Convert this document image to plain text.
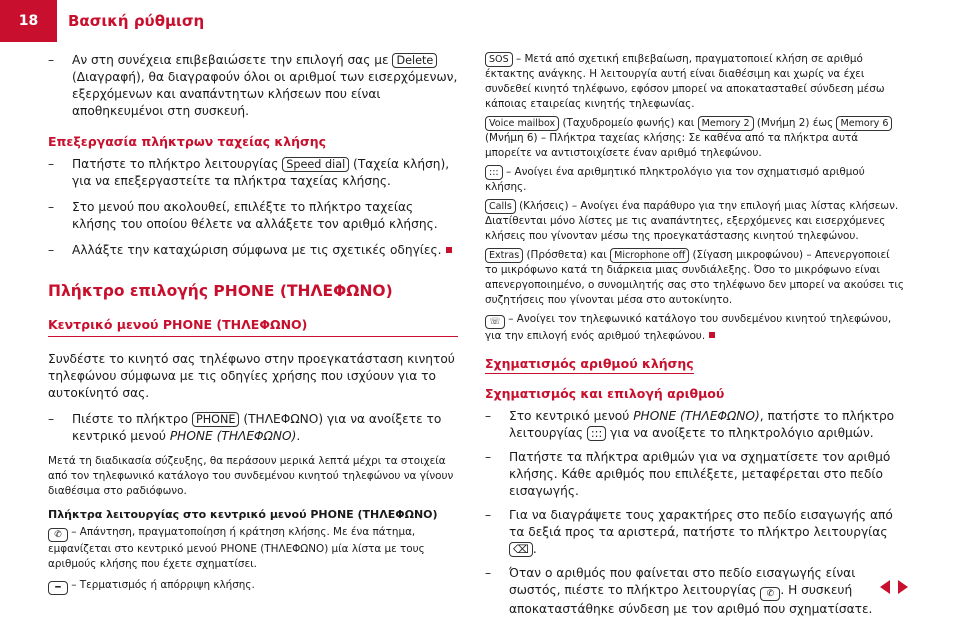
18	Βασική ρύθμιση

– Αν στη συνέχεια επιβεβαιώσετε την επιλογή σας με Delete (Διαγραφή), θα διαγραφούν όλοι οι αριθμοί των εισερχόμενων, εξερχόμενων και αναπάντητων κλήσεων που είναι αποθηκευμένοι στη συσκευή.

Επεξεργασία πλήκτρων ταχείας κλήσης

– Πατήστε το πλήκτρο λειτουργίας Speed dial (Ταχεία κλήση), για να επεξεργαστείτε τα πλήκτρα ταχείας κλήσης.

– Στο μενού που ακολουθεί, επιλέξτε το πλήκτρο ταχείας κλήσης του οποίου θέλετε να αλλάξετε τον αριθμό κλήσης.

– Αλλάξτε την καταχώριση σύμφωνα με τις σχετικές οδηγίες.

Πλήκτρο επιλογής PHONE (ΤΗΛΕΦΩΝΟ)

Κεντρικό μενού PHONE (ΤΗΛΕΦΩΝΟ)

Συνδέστε το κινητό σας τηλέφωνο στην προεγκατάσταση κινητού τηλεφώνου σύμφωνα με τις οδηγίες χρήσης που ισχύουν για το αυτοκίνητό σας.

– Πιέστε το πλήκτρο PHONE (ΤΗΛΕΦΩΝΟ) για να ανοίξετε το κεντρικό μενού PHONE (ΤΗΛΕΦΩΝΟ).

Μετά τη διαδικασία σύζευξης, θα περάσουν μερικά λεπτά μέχρι τα στοιχεία από τον τηλεφωνικό κατάλογο του συνδεμένου κινητού τηλεφώνου να γίνουν διαθέσιμα στο ραδιόφωνο.

Πλήκτρα λειτουργίας στο κεντρικό μενού PHONE (ΤΗΛΕΦΩΝΟ)

✆ – Απάντηση, πραγματοποίηση ή κράτηση κλήσης. Με ένα πάτημα, εμφανίζεται στο κεντρικό μενού PHONE (ΤΗΛΕΦΩΝΟ) μία λίστα με τους αριθμούς κλήσης που έχετε σχηματίσει.

━ – Τερματισμός ή απόρριψη κλήσης.

SOS – Μετά από σχετική επιβεβαίωση, πραγματοποιεί κλήση σε αριθμό έκτακτης ανάγκης. Η λειτουργία αυτή είναι διαθέσιμη και χωρίς να έχει συνδεθεί κινητό τηλέφωνο, εφόσον μπορεί να αποκατασταθεί σύνδεση μέσω κάποιας εταιρείας κινητής τηλεφωνίας.

Voice mailbox (Ταχυδρομείο φωνής) και Memory 2 (Μνήμη 2) έως Memory 6 (Μνήμη 6) – Πλήκτρα ταχείας κλήσης: Σε καθένα από τα πλήκτρα αυτά μπορείτε να αντιστοιχίσετε έναν αριθμό τηλεφώνου.

::: – Ανοίγει ένα αριθμητικό πληκτρολόγιο για τον σχηματισμό αριθμού κλήσης.

Calls (Κλήσεις) – Ανοίγει ένα παράθυρο για την επιλογή μιας λίστας κλήσεων. Διατίθενται μόνο λίστες με τις αναπάντητες, εξερχόμενες και εισερχόμενες κλήσεις που γίνονταν μέσω της προεγκατάστασης κινητού τηλεφώνου.

Extras (Πρόσθετα) και Microphone off (Σίγαση μικροφώνου) – Απενεργοποιεί το μικρόφωνο κατά τη διάρκεια μιας συνδιάλεξης. Όσο το μικρόφωνο είναι απενεργοποιημένο, ο συνομιλητής σας στο τηλέφωνο δεν μπορεί να ακούσει τις συζητήσεις που γίνονται μέσα στο αυτοκίνητο.

☏ – Ανοίγει τον τηλεφωνικό κατάλογο του συνδεμένου κινητού τηλεφώνου, για την επιλογή ενός αριθμού τηλεφώνου.

Σχηματισμός αριθμού κλήσης

Σχηματισμός και επιλογή αριθμού

– Στο κεντρικό μενού PHONE (ΤΗΛΕΦΩΝΟ), πατήστε το πλήκτρο λειτουργίας ::: για να ανοίξετε το πληκτρολόγιο αριθμών.

– Πατήστε τα πλήκτρα αριθμών για να σχηματίσετε τον αριθμό κλήσης. Κάθε αριθμός που επιλέξετε, μεταφέρεται στο πεδίο εισαγωγής.

– Για να διαγράψετε τους χαρακτήρες στο πεδίο εισαγωγής από τα δεξιά προς τα αριστερά, πατήστε το πλήκτρο λειτουργίας ⌫ .

– Όταν ο αριθμός που φαίνεται στο πεδίο εισαγωγής είναι σωστός, πιέστε το πλήκτρο λειτουργίας ✆ . Η συσκευή αποκαταστάθηκε σύνδεση με τον αριθμό που σχηματίσατε.
